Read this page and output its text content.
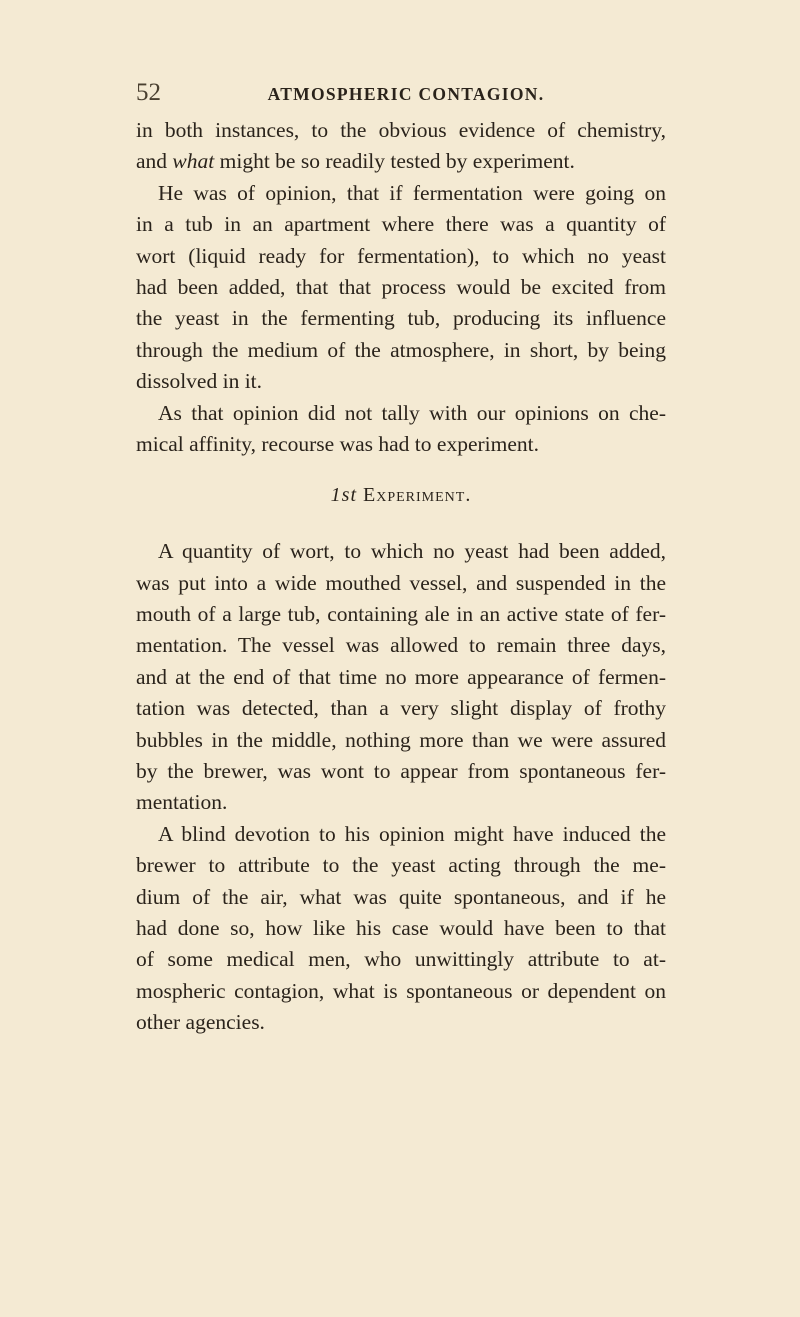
52	ATMOSPHERIC CONTAGION.
in both instances, to the obvious evidence of chemistry,
and what might be so readily tested by experiment.
He was of opinion, that if fermentation were going on
in a tub in an apartment where there was a quantity of
wort (liquid ready for fermentation), to which no yeast
had been added, that that process would be excited from
the yeast in the fermenting tub, producing its influence
through the medium of the atmosphere, in short, by being
dissolved in it.
As that opinion did not tally with our opinions on che-
mical affinity, recourse was had to experiment.
1st Experiment.
A quantity of wort, to which no yeast had been added,
was put into a wide mouthed vessel, and suspended in the
mouth of a large tub, containing ale in an active state of fer-
mentation. The vessel was allowed to remain three days,
and at the end of that time no more appearance of fermen-
tation was detected, than a very slight display of frothy
bubbles in the middle, nothing more than we were assured
by the brewer, was wont to appear from spontaneous fer-
mentation.
A blind devotion to his opinion might have induced the
brewer to attribute to the yeast acting through the me-
dium of the air, what was quite spontaneous, and if he
had done so, how like his case would have been to that
of some medical men, who unwittingly attribute to at-
mospheric contagion, what is spontaneous or dependent on
other agencies.
